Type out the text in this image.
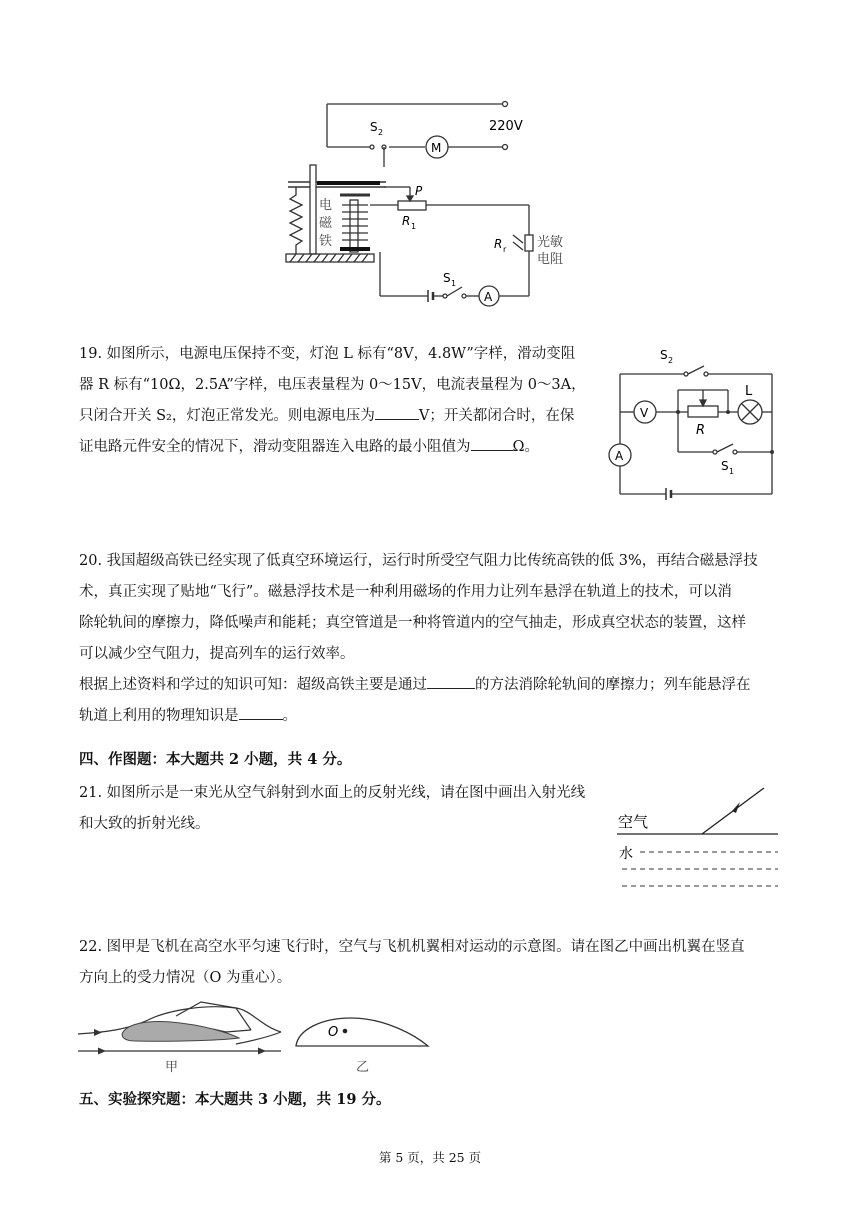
S 2	220V
M
P
R 1
电
磁
铁	R r 光敏
电阻
S 1
A
19. 如图所示，电源电压保持不变，灯泡 L 标有“8V，4.8W”字样，滑动变阻
器 R 标有“10Ω，2.5A”字样，电压表量程为 0～15V，电流表量程为 0～3A，
只闭合开关 S₂，灯泡正常发光。则电源电压为	V；开关都闭合时，在保
证电路元件安全的情况下，滑动变阻器连入电路的最小阻值为	Ω。
S 2
V
R
L
A
S 1
20. 我国超级高铁已经实现了低真空环境运行，运行时所受空气阻力比传统高铁的低 3%，再结合磁悬浮技
术，真正实现了贴地“飞行”。磁悬浮技术是一种利用磁场的作用力让列车悬浮在轨道上的技术，可以消
除轮轨间的摩擦力，降低噪声和能耗；真空管道是一种将管道内的空气抽走，形成真空状态的装置，这样
可以减少空气阻力，提高列车的运行效率。
根据上述资料和学过的知识可知：超级高铁主要是通过	的方法消除轮轨间的摩擦力；列车能悬浮在
轨道上利用的物理知识是	。
四、作图题：本大题共 2 小题，共 4 分。
21. 如图所示是一束光从空气斜射到水面上的反射光线，请在图中画出入射光线
和大致的折射光线。	空气
水
22. 图甲是飞机在高空水平匀速飞行时，空气与飞机机翼相对运动的示意图。请在图乙中画出机翼在竖直
方向上的受力情况（O 为重心）。
甲	乙
O
五、实验探究题：本大题共 3 小题，共 19 分。
第 5 页，共 25 页
